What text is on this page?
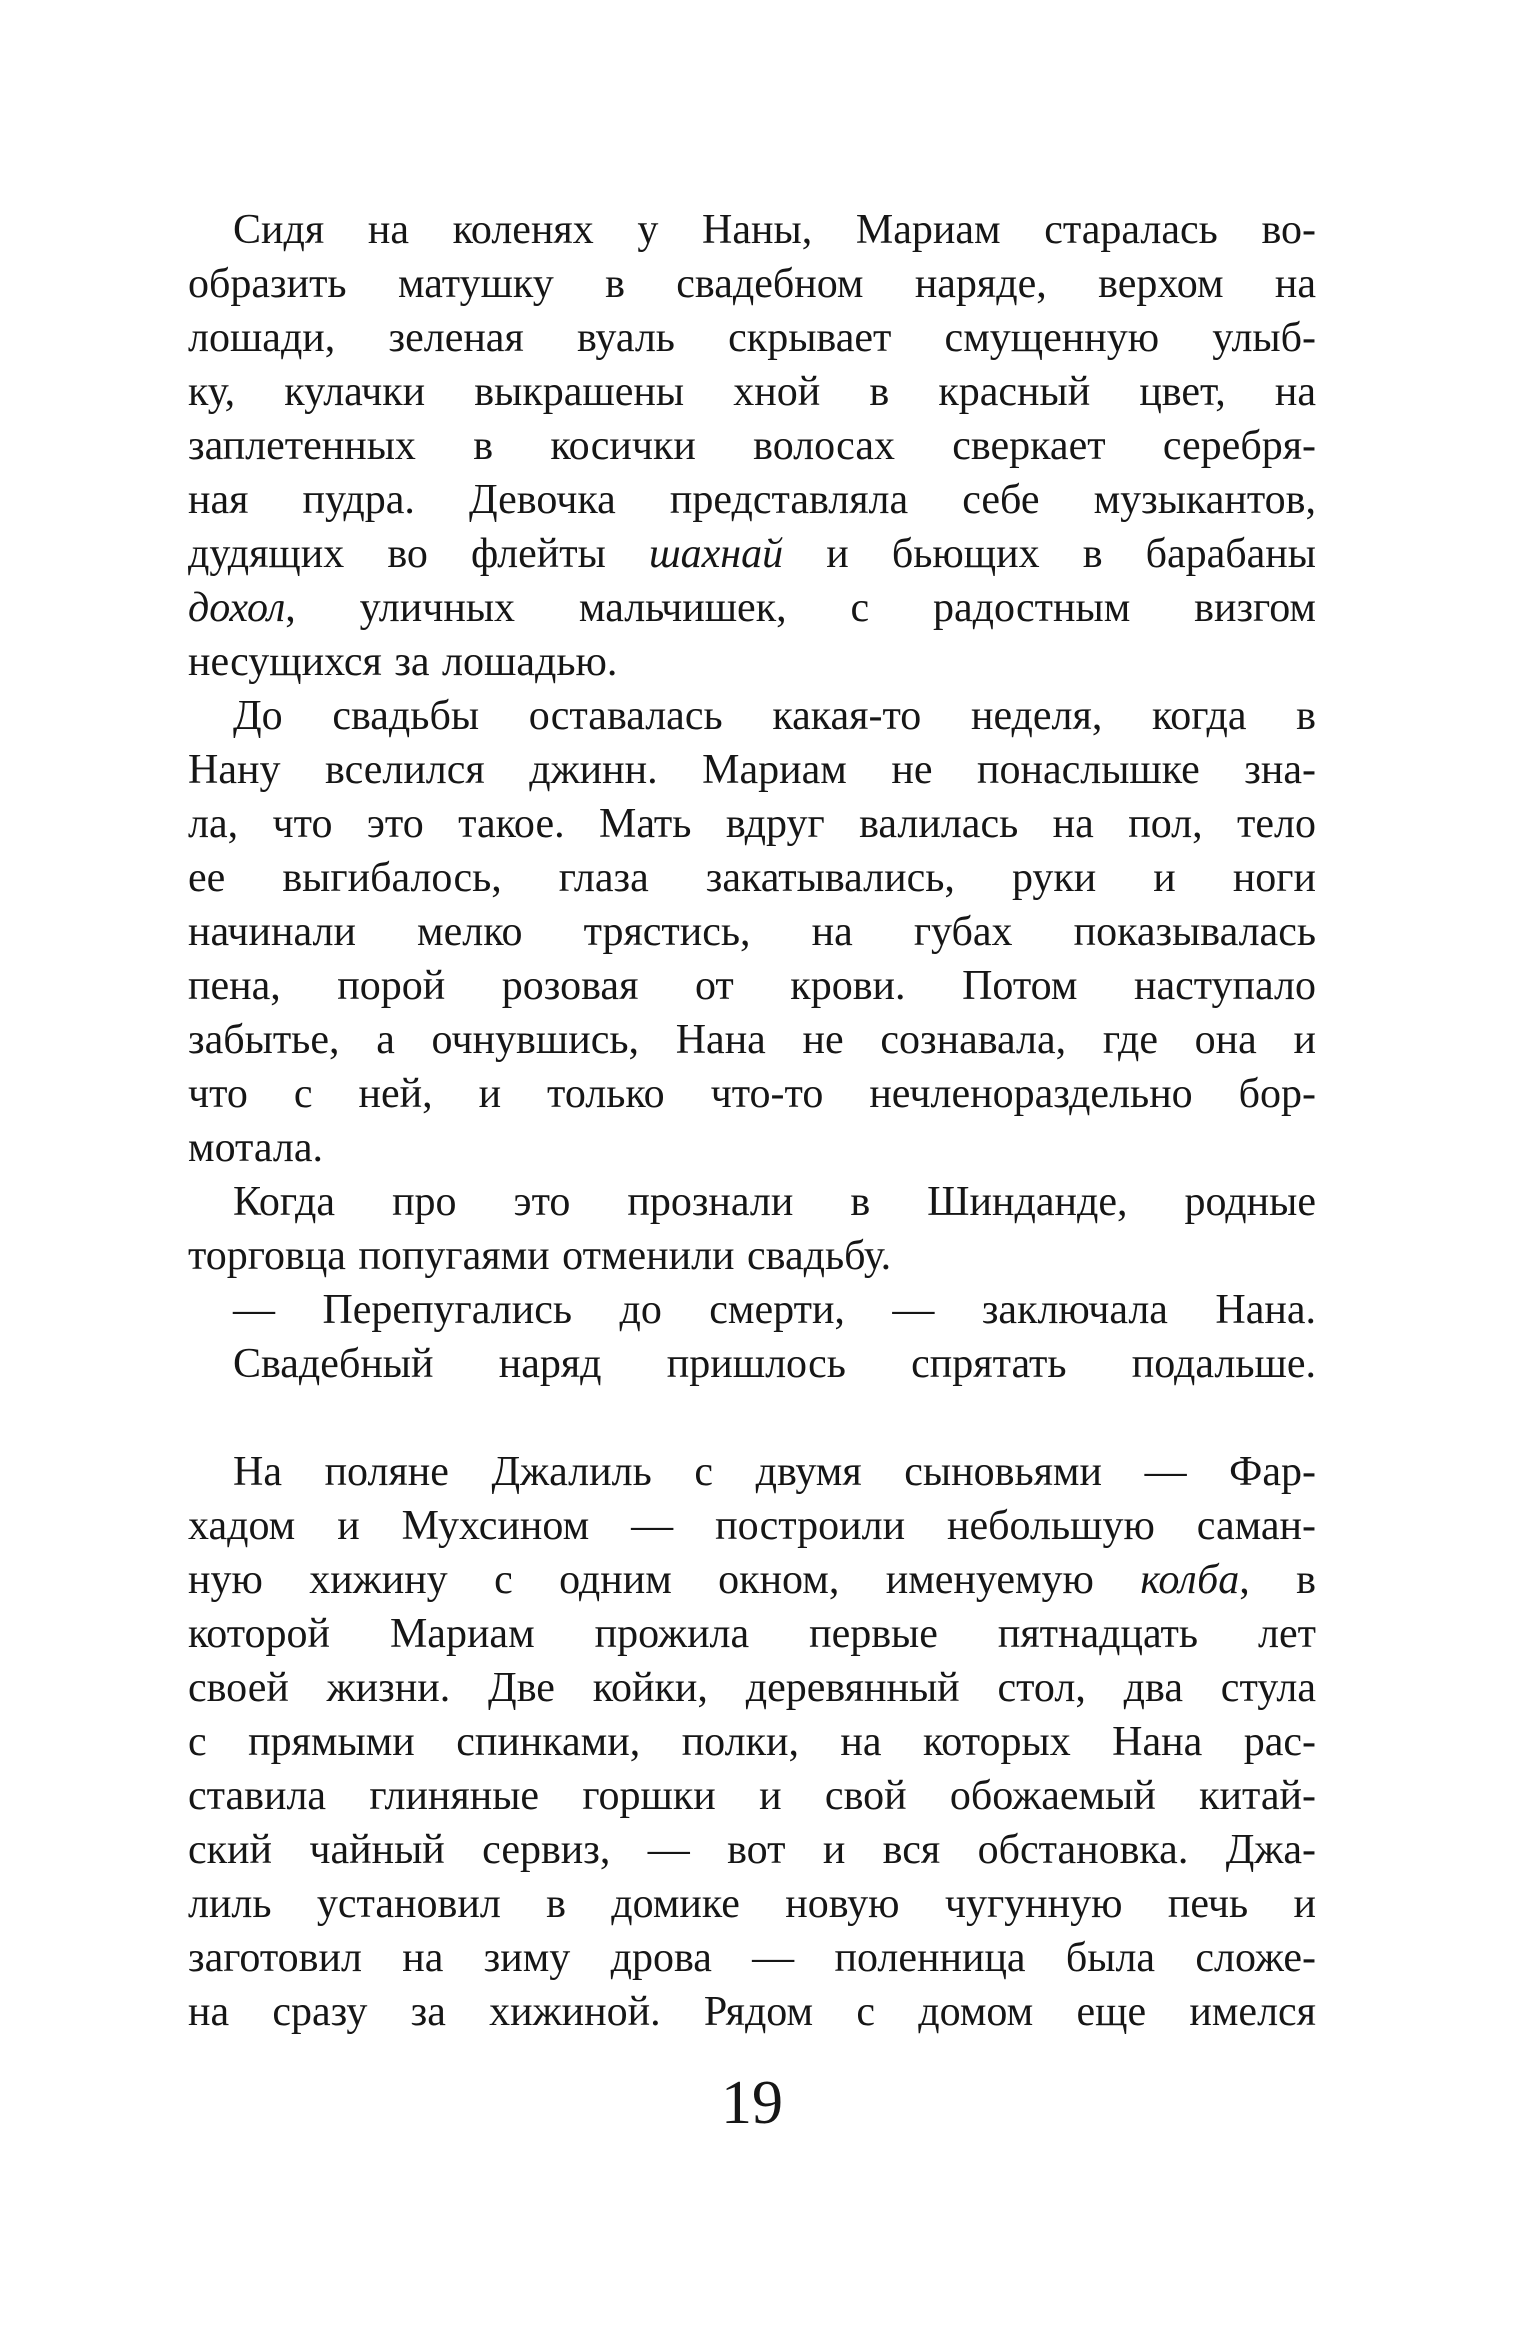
Сидя на коленях у Наны, Мариам старалась во-
образить матушку в свадебном наряде, верхом на
лошади, зеленая вуаль скрывает смущенную улыб-
ку, кулачки выкрашены хной в красный цвет, на
заплетенных в косички волосах сверкает серебря-
ная пудра. Девочка представляла себе музыкантов,
дудящих во флейты шахнай и бьющих в барабаны
дохол, уличных мальчишек, с радостным визгом
несущихся за лошадью.
До свадьбы оставалась какая-то неделя, когда в
Нану вселился джинн. Мариам не понаслышке зна-
ла, что это такое. Мать вдруг валилась на пол, тело
ее выгибалось, глаза закатывались, руки и ноги
начинали мелко трястись, на губах показывалась
пена, порой розовая от крови. Потом наступало
забытье, а очнувшись, Нана не сознавала, где она и
что с ней, и только что-то нечленораздельно бор-
мотала.
Когда про это прознали в Шинданде, родные
торговца попугаями отменили свадьбу.
— Перепугались до смерти, — заключала Нана.
Свадебный наряд пришлось спрятать подальше.
На поляне Джалиль с двумя сыновьями — Фар-
хадом и Мухсином — построили небольшую саман-
ную хижину с одним окном, именуемую колба, в
которой Мариам прожила первые пятнадцать лет
своей жизни. Две койки, деревянный стол, два стула
с прямыми спинками, полки, на которых Нана рас-
ставила глиняные горшки и свой обожаемый китай-
ский чайный сервиз, — вот и вся обстановка. Джа-
лиль установил в домике новую чугунную печь и
заготовил на зиму дрова — поленница была сложе-
на сразу за хижиной. Рядом с домом еще имелся
19
